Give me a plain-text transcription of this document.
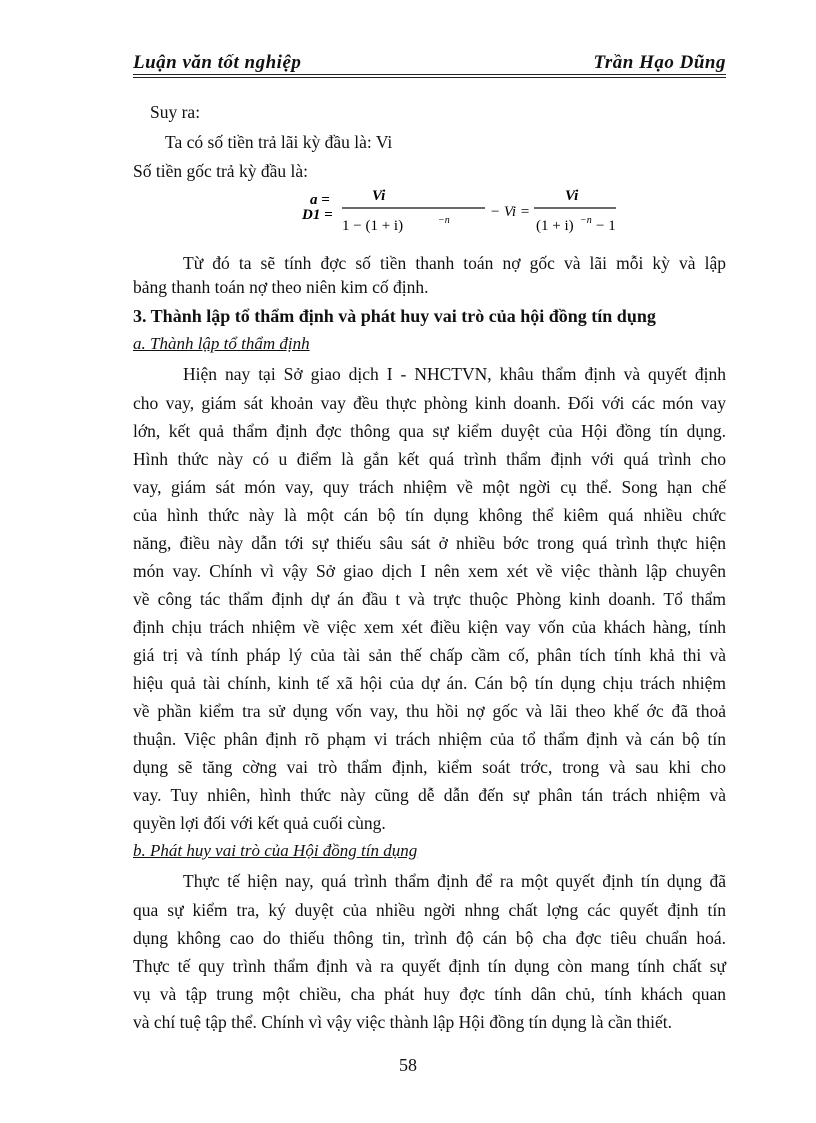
Luận văn tốt nghiệp	Trần Hạo Dũng
Suy ra:
Ta có số tiền trả lãi kỳ đầu là: Vi
Số tiền gốc trả kỳ đầu là:
a =
D1 =
Vi
1 − (1 + i)	−n
− Vi =
Vi
(1 + i) −n − 1
Từ đó ta sẽ tính đợc số tiền thanh toán nợ gốc và lãi mỗi kỳ và lập
bảng thanh toán nợ theo niên kim cố định.
3. Thành lập tổ thẩm định và phát huy vai trò của hội đồng tín dụng
a. Thành lập tổ thẩm định
Hiện nay tại Sở giao dịch I - NHCTVN, khâu thẩm định và quyết định
cho vay, giám sát khoản vay đều thực phòng kinh doanh. Đối với các món vay
lớn, kết quả thẩm định đợc thông qua sự kiểm duyệt của Hội đồng tín dụng.
Hình thức này có u điểm là gắn kết quá trình thẩm định với quá trình cho
vay, giám sát món vay, quy trách nhiệm về một ngời cụ thể. Song hạn chế
của hình thức này là một cán bộ tín dụng không thể kiêm quá nhiều chức
năng, điều này dẫn tới sự thiếu sâu sát ở nhiều bớc trong quá trình thực hiện
món vay. Chính vì vậy Sở giao dịch I nên xem xét về việc thành lập chuyên
về công tác thẩm định dự án đầu t và trực thuộc Phòng kinh doanh. Tổ thẩm
định chịu trách nhiệm về việc xem xét điều kiện vay vốn của khách hàng, tính
giá trị và tính pháp lý của tài sản thế chấp cầm cố, phân tích tính khả thi và
hiệu quả tài chính, kinh tế xã hội của dự án. Cán bộ tín dụng chịu trách nhiệm
về phần kiểm tra sử dụng vốn vay, thu hồi nợ gốc và lãi theo khế ớc đã thoả
thuận. Việc phân định rõ phạm vi trách nhiệm của tổ thẩm định và cán bộ tín
dụng sẽ tăng cờng vai trò thẩm định, kiểm soát trớc, trong và sau khi cho
vay. Tuy nhiên, hình thức này cũng dễ dẫn đến sự phân tán trách nhiệm và
quyền lợi đối với kết quả cuối cùng.
b. Phát huy vai trò của Hội đồng tín dụng
Thực tế hiện nay, quá trình thẩm định để ra một quyết định tín dụng đã
qua sự kiểm tra, ký duyệt của nhiều ngời nhng chất lợng các quyết định tín
dụng không cao do thiếu thông tin, trình độ cán bộ cha đợc tiêu chuẩn hoá.
Thực tế quy trình thẩm định và ra quyết định tín dụng còn mang tính chất sự
vụ và tập trung một chiều, cha phát huy đợc tính dân chủ, tính khách quan
và chí tuệ tập thể. Chính vì vậy việc thành lập Hội đồng tín dụng là cần thiết.
58
